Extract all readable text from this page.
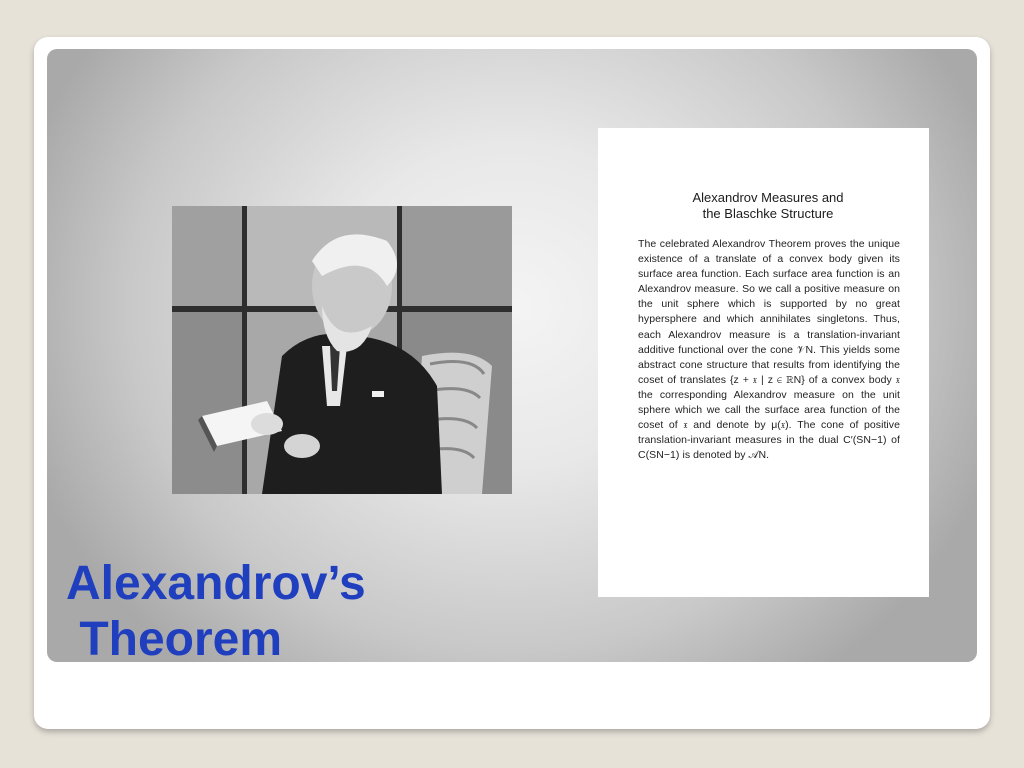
Alexandrov Measures and
the Blaschke Structure
The celebrated Alexandrov Theorem proves the unique existence of a translate of a convex body given its surface area function. Each surface area function is an Alexandrov measure. So we call a positive measure on the unit sphere which is supported by no great hypersphere and which annihilates singletons. Thus, each Alexandrov measure is a translation-invariant additive functional over the cone 𝒱N. This yields some abstract cone structure that results from identifying the coset of translates {z + 𝔵 | z ∈ ℝN} of a convex body 𝔵 the corresponding Alexandrov measure on the unit sphere which we call the surface area function of the coset of 𝔵 and denote by μ(𝔵). The cone of positive translation-invariant measures in the dual C′(SN−1) of C(SN−1) is denoted by 𝒜N.
Alexandrov’s
Theorem
